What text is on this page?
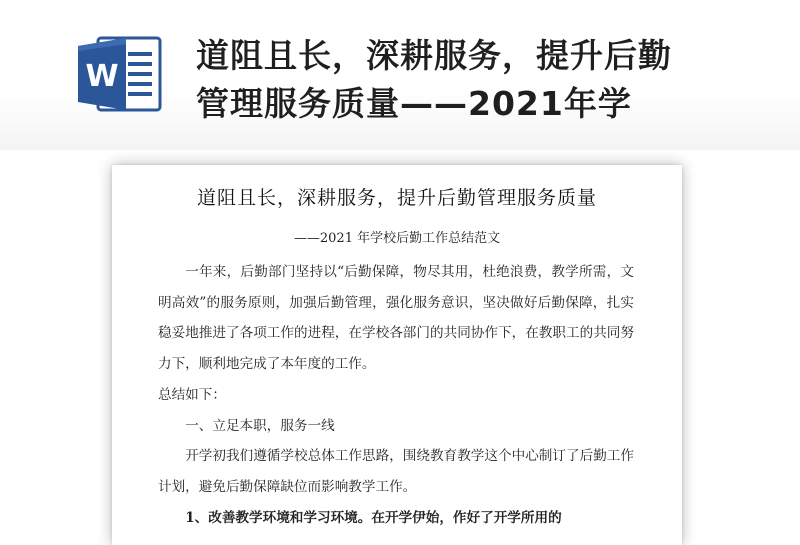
W
道阻且长，深耕服务，提升后勤
管理服务质量——2021年学
道阻且长，深耕服务，提升后勤管理服务质量
——2021 年学校后勤工作总结范文

一年来，后勤部门坚持以“后勤保障，物尽其用，杜绝浪费，教学所需，文明高效”的服务原则，加强后勤管理，强化服务意识，坚决做好后勤保障，扎实稳妥地推进了各项工作的进程，在学校各部门的共同协作下，在教职工的共同努力下，顺利地完成了本年度的工作。

总结如下：

一、立足本职，服务一线

开学初我们遵循学校总体工作思路，围绕教育教学这个中心制订了后勤工作计划，避免后勤保障缺位而影响教学工作。

1、改善教学环境和学习环境。在开学伊始，作好了开学所用的
